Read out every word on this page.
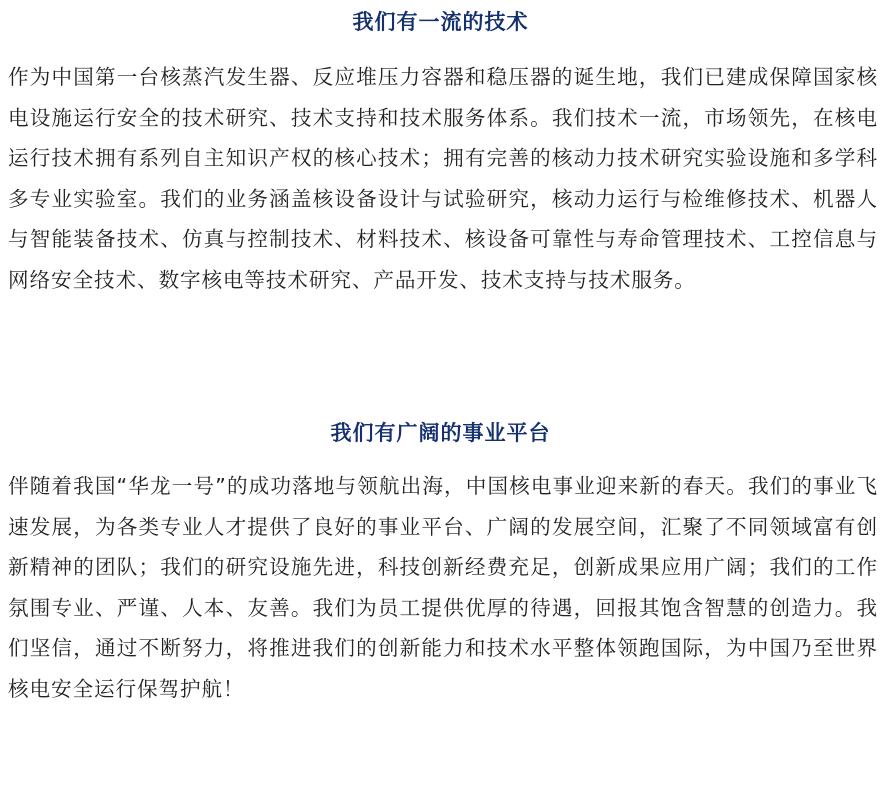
我们有一流的技术

作为中国第一台核蒸汽发生器、反应堆压力容器和稳压器的诞生地，我们已建成保障国家核电设施运行安全的技术研究、技术支持和技术服务体系。我们技术一流，市场领先，在核电运行技术拥有系列自主知识产权的核心技术；拥有完善的核动力技术研究实验设施和多学科多专业实验室。我们的业务涵盖核设备设计与试验研究，核动力运行与检维修技术、机器人与智能装备技术、仿真与控制技术、材料技术、核设备可靠性与寿命管理技术、工控信息与网络安全技术、数字核电等技术研究、产品开发、技术支持与技术服务。

我们有广阔的事业平台

伴随着我国“华龙一号”的成功落地与领航出海，中国核电事业迎来新的春天。我们的事业飞速发展，为各类专业人才提供了良好的事业平台、广阔的发展空间，汇聚了不同领域富有创新精神的团队；我们的研究设施先进，科技创新经费充足，创新成果应用广阔；我们的工作氛围专业、严谨、人本、友善。我们为员工提供优厚的待遇，回报其饱含智慧的创造力。我们坚信，通过不断努力，将推进我们的创新能力和技术水平整体领跑国际，为中国乃至世界核电安全运行保驾护航！
